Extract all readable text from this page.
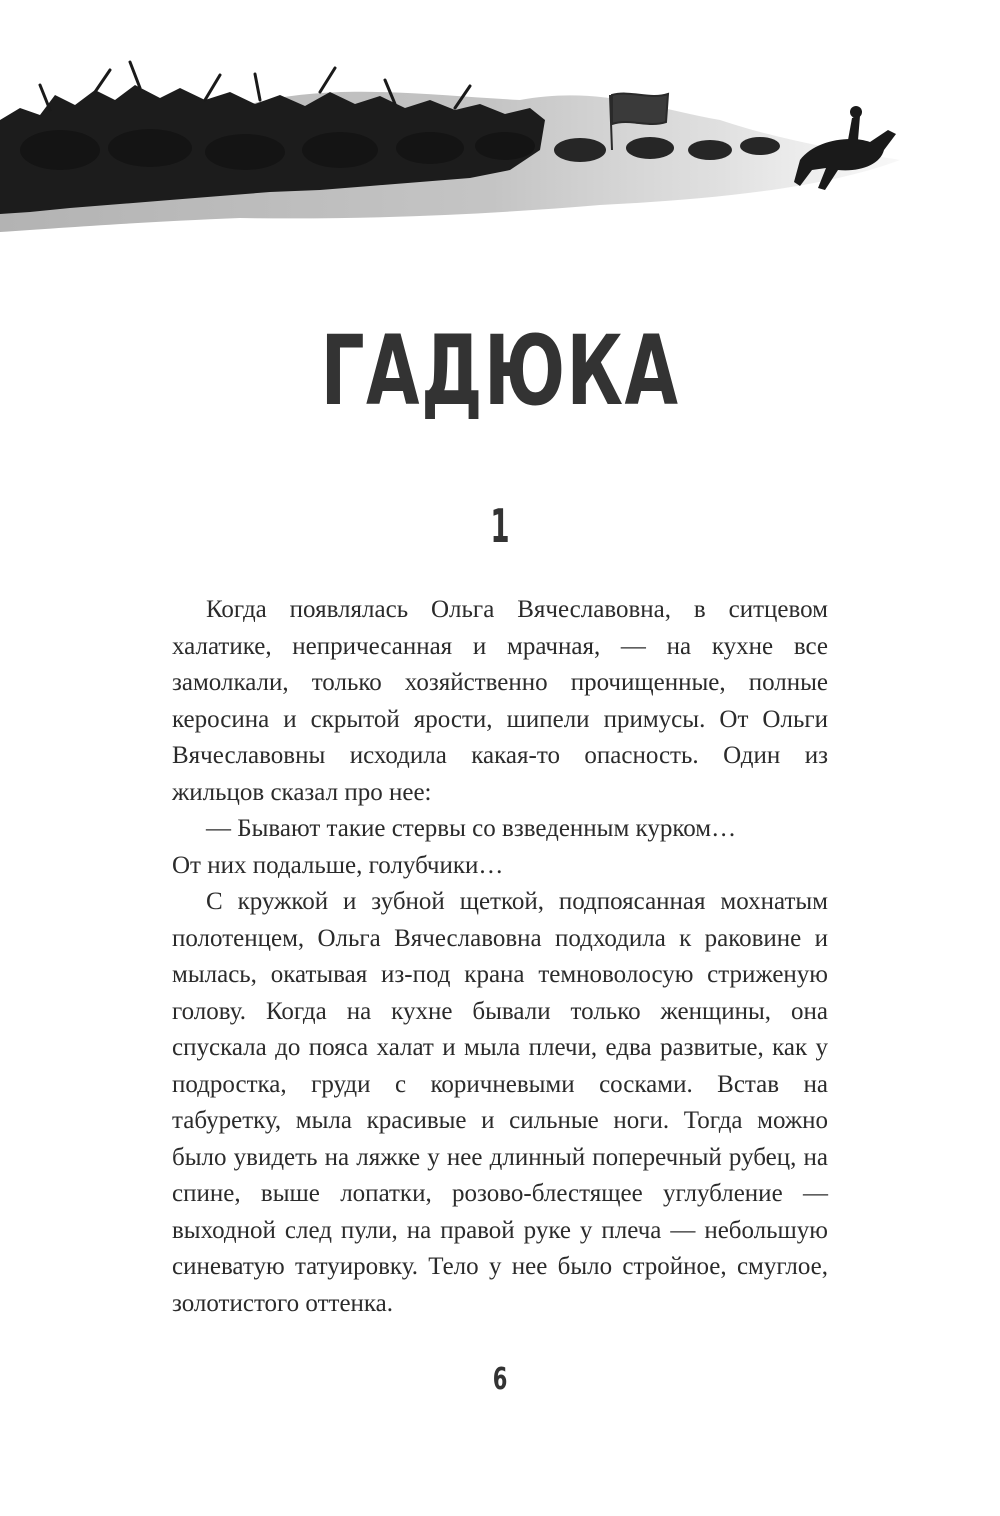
ГАДЮКА
1

Когда появлялась Ольга Вячеславовна, в ситцевом халатике, непричесанная и мрачная, — на кухне все замолкали, только хозяйственно прочищенные, полные керосина и скрытой ярости, шипели примусы. От Ольги Вячеславовны исходила какая-то опасность. Один из жильцов сказал про нее:

— Бывают такие стервы со взведенным курком…

От них подальше, голубчики…

С кружкой и зубной щеткой, подпоясанная мохнатым полотенцем, Ольга Вячеславовна подходила к раковине и мылась, окатывая из-под крана темноволосую стриженую голову. Когда на кухне бывали только женщины, она спускала до пояса халат и мыла плечи, едва развитые, как у подростка, груди с коричневыми сосками. Встав на табуретку, мыла красивые и сильные ноги. Тогда можно было увидеть на ляжке у нее длинный поперечный рубец, на спине, выше лопатки, розово-блестящее углубление — выходной след пули, на правой руке у плеча — небольшую синеватую татуировку. Тело у нее было стройное, смуглое, золотистого оттенка.

6
